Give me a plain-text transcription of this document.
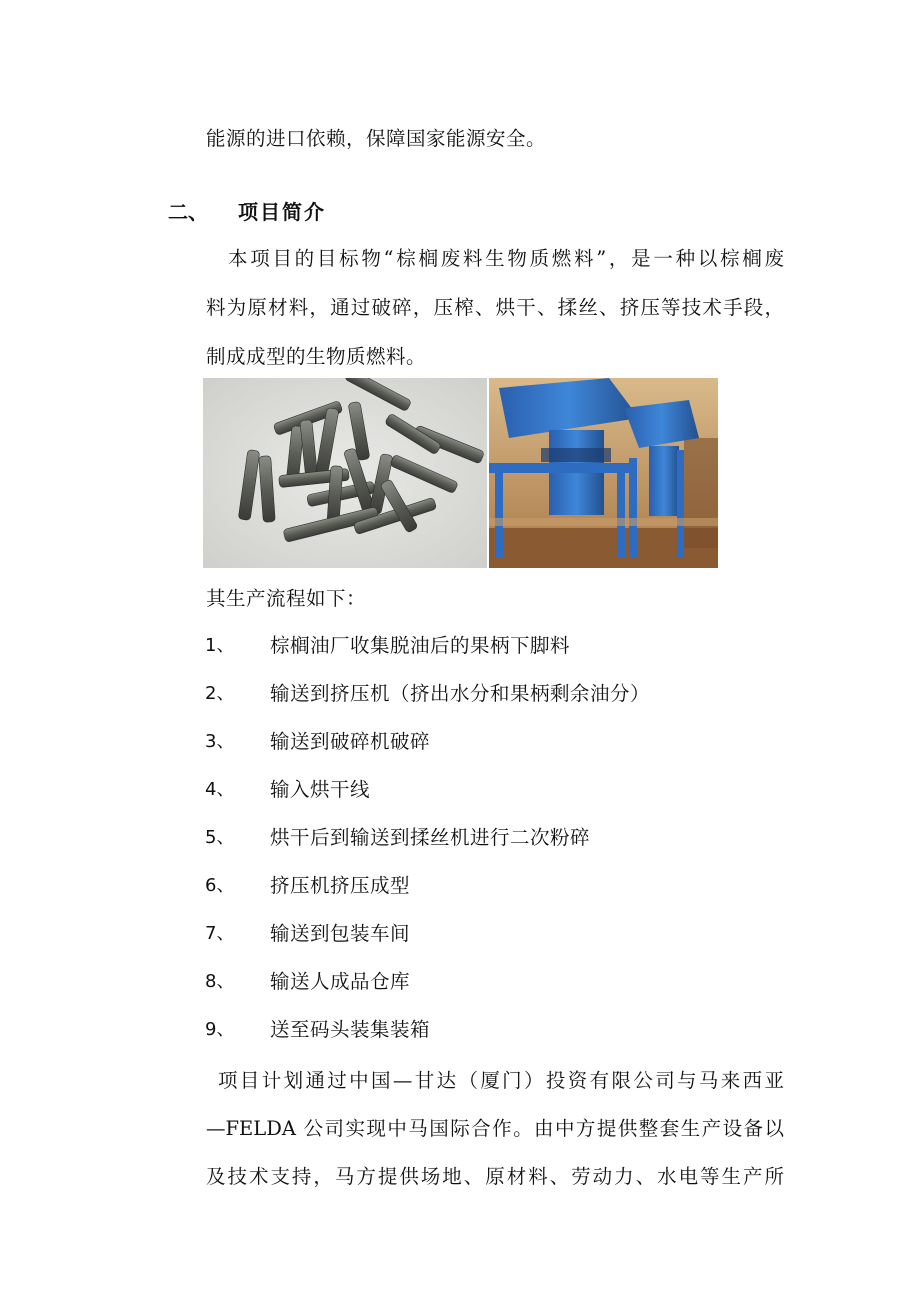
能源的进口依赖，保障国家能源安全。
二、 项目简介
本项目的目标物“棕榈废料生物质燃料”，是一种以棕榈废
料为原材料，通过破碎，压榨、烘干、揉丝、挤压等技术手段，
制成成型的生物质燃料。
其生产流程如下：
1、 棕榈油厂收集脱油后的果柄下脚料
2、 输送到挤压机（挤出水分和果柄剩余油分）
3、 输送到破碎机破碎
4、 输入烘干线
5、 烘干后到输送到揉丝机进行二次粉碎
6、 挤压机挤压成型
7、 输送到包装车间
8、 输送人成品仓库
9、 送至码头装集装箱
项目计划通过中国—甘达（厦门）投资有限公司与马来西亚
—FELDA 公司实现中马国际合作。由中方提供整套生产设备以
及技术支持，马方提供场地、原材料、劳动力、水电等生产所
